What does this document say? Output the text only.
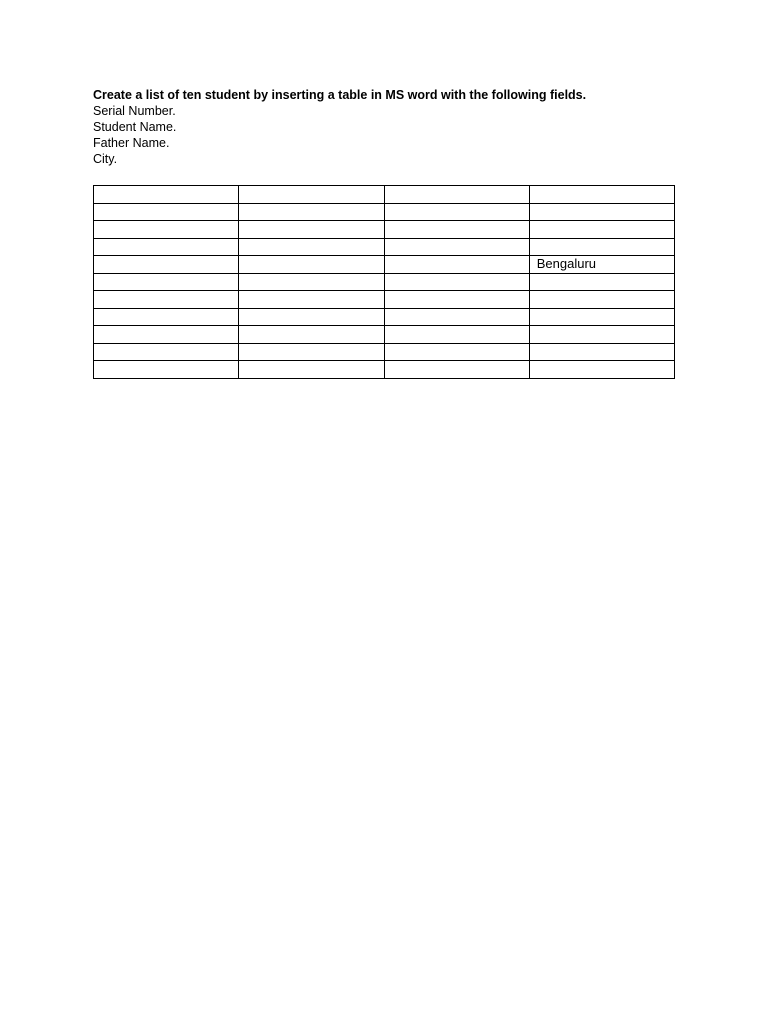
Create a list of ten student by inserting a table in MS word with the following fields.
Serial Number.
Student Name.
Father Name.
City.

			Bengaluru
